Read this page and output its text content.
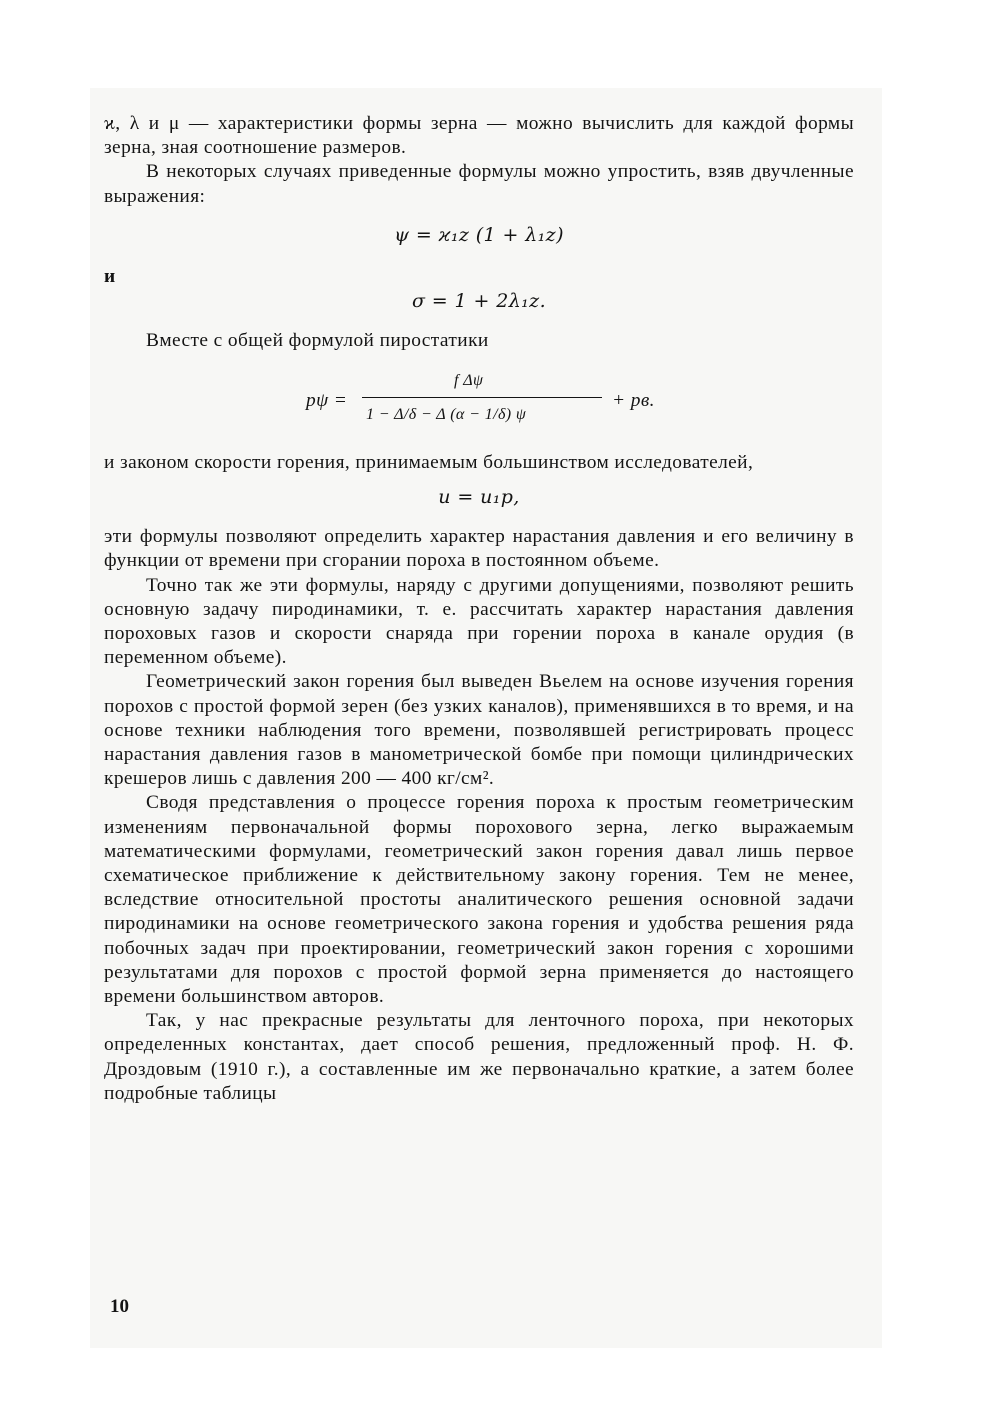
ϰ, λ и μ — характеристики формы зерна — можно вычислить для каждой формы зерна, зная соотношение размеров.

В некоторых случаях приведенные формулы можно упростить, взяв двучленные выражения:

ψ = ϰ₁z (1 + λ₁z)

и

σ = 1 + 2λ₁z.

Вместе с общей формулой пиростатики

pψ =
f Δψ
1 − Δ/δ − Δ (α − 1/δ) ψ
+ pв.

и законом скорости горения, принимаемым большинством исследователей,

u = u₁p,

эти формулы позволяют определить характер нарастания давления и его величину в функции от времени при сгорании пороха в постоянном объеме.

Точно так же эти формулы, наряду с другими допущениями, позволяют решить основную задачу пиродинамики, т. е. рассчитать характер нарастания давления пороховых газов и скорости снаряда при горении пороха в канале орудия (в переменном объеме).

Геометрический закон горения был выведен Вьелем на основе изучения горения порохов с простой формой зерен (без узких каналов), применявшихся в то время, и на основе техники наблюдения того времени, позволявшей регистрировать процесс нарастания давления газов в манометрической бомбе при помощи цилиндрических крешеров лишь с давления 200 — 400 кг/см².

Сводя представления о процессе горения пороха к простым геометрическим изменениям первоначальной формы порохового зерна, легко выражаемым математическими формулами, геометрический закон горения давал лишь первое схематическое приближение к действительному закону горения. Тем не менее, вследствие относительной простоты аналитического решения основной задачи пиродинамики на основе геометрического закона горения и удобства решения ряда побочных задач при проектировании, геометрический закон горения с хорошими результатами для порохов с простой формой зерна применяется до настоящего времени большинством авторов.

Так, у нас прекрасные результаты для ленточного пороха, при некоторых определенных константах, дает способ решения, предложенный проф. Н. Ф. Дроздовым (1910 г.), а составленные им же первоначально краткие, а затем более подробные таблицы

10
